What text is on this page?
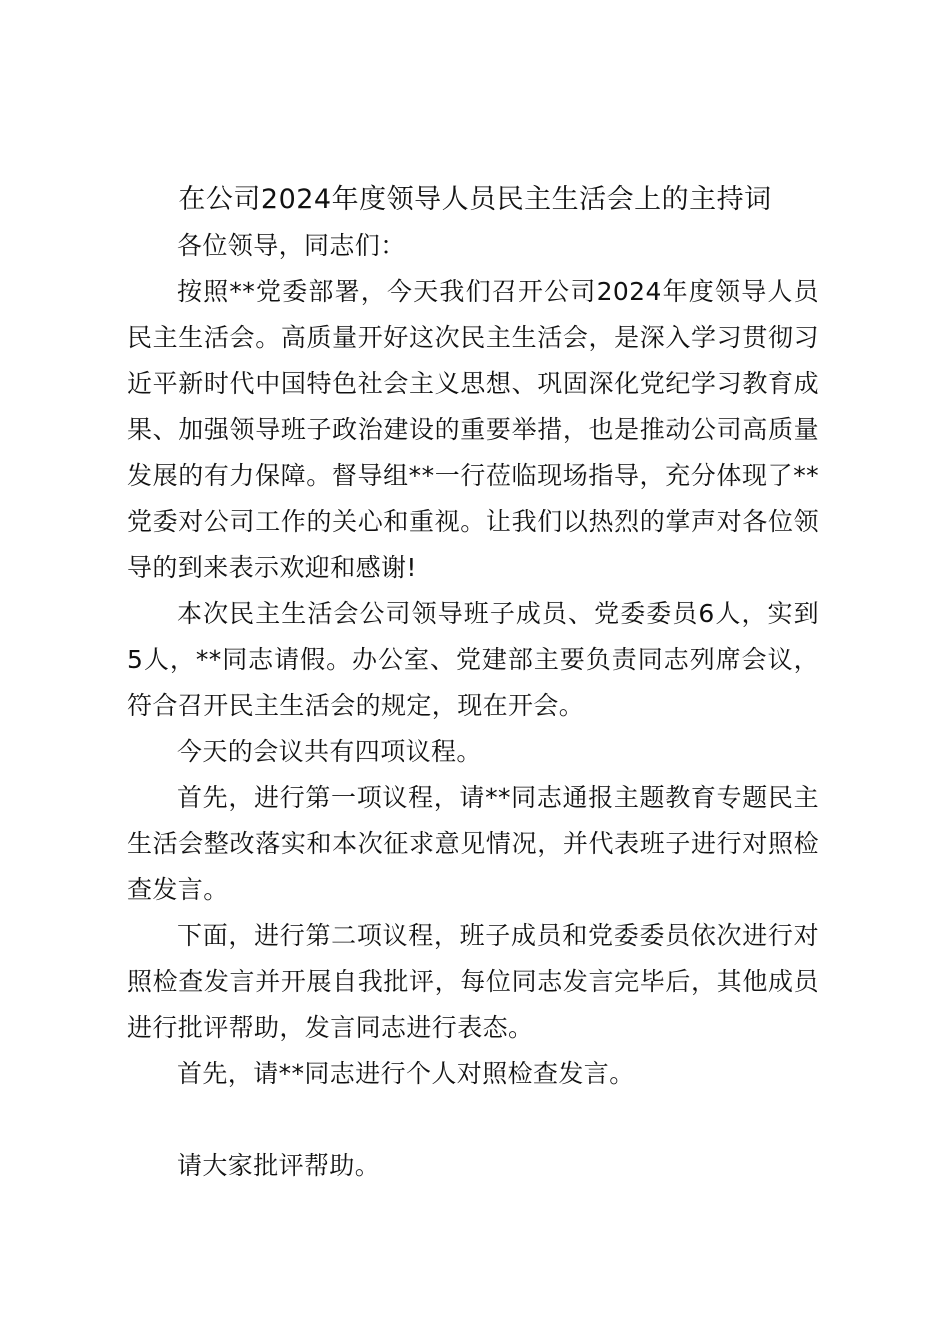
在公司2024年度领导人员民主生活会上的主持词

各位领导，同志们：

按照**党委部署，今天我们召开公司2024年度领导人员民主生活会。高质量开好这次民主生活会，是深入学习贯彻习近平新时代中国特色社会主义思想、巩固深化党纪学习教育成果、加强领导班子政治建设的重要举措，也是推动公司高质量发展的有力保障。督导组**一行莅临现场指导，充分体现了**党委对公司工作的关心和重视。让我们以热烈的掌声对各位领导的到来表示欢迎和感谢!

本次民主生活会公司领导班子成员、党委委员6人，实到5人，**同志请假。办公室、党建部主要负责同志列席会议，符合召开民主生活会的规定，现在开会。

今天的会议共有四项议程。

首先，进行第一项议程，请**同志通报主题教育专题民主生活会整改落实和本次征求意见情况，并代表班子进行对照检查发言。

下面，进行第二项议程，班子成员和党委委员依次进行对照检查发言并开展自我批评，每位同志发言完毕后，其他成员进行批评帮助，发言同志进行表态。

首先，请**同志进行个人对照检查发言。

请大家批评帮助。
